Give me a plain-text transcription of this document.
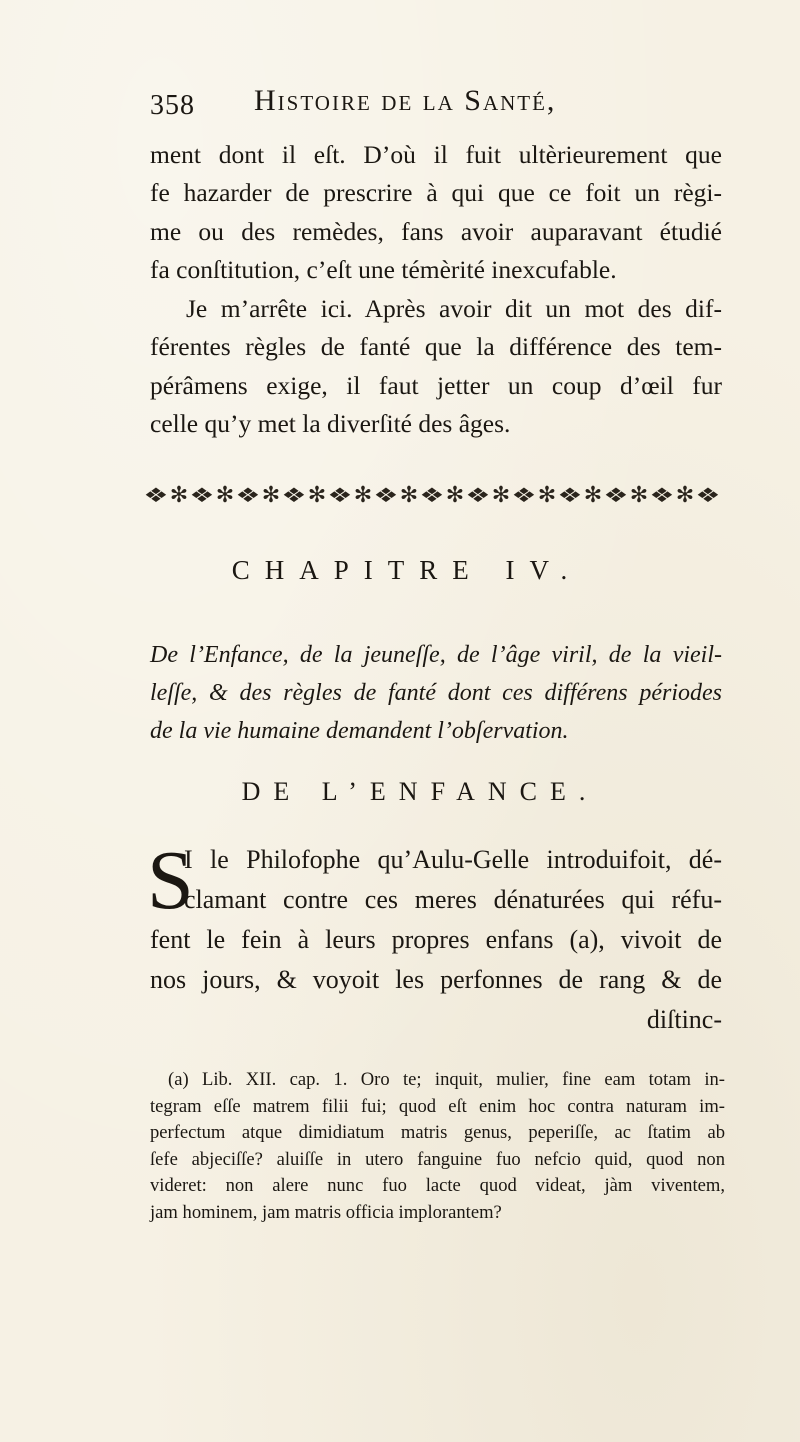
358 Histoire de la Santé,
ment dont il eſt. D’où il fuit ultèrieurement que
fe hazarder de prescrire à qui que ce foit un règi-
me ou des remèdes, fans avoir auparavant étudié
fa conſtitution, c’eſt une témèrité inexcufable.
Je m’arrête ici. Après avoir dit un mot des dif-
férentes règles de fanté que la différence des tem-
pérâmens exige, il faut jetter un coup d’œil fur
celle qu’y met la diverſité des âges.
❖ ✻ ❖ ✻ ❖ ✻ ❖ ✻ ❖ ✻ ❖ ✻ ❖ ✻ ❖ ✻ ❖ ✻ ❖ ✻ ❖ ✻ ❖ ✻ ❖
CHAPITRE IV.
De l’Enfance, de la jeuneſſe, de l’âge viril, de la vieil-
leſſe, & des règles de fanté dont ces différens périodes
de la vie humaine demandent l’obſervation.
DE L’ENFANCE.
S
I le Philofophe qu’Aulu-Gelle introduifoit, dé-
clamant contre ces meres dénaturées qui réfu-
fent le fein à leurs propres enfans (a), vivoit de
nos jours, & voyoit les perfonnes de rang & de
diſtinc-
(a) Lib. XII. cap. 1. Oro te; inquit, mulier, fine eam totam in-
tegram eſſe matrem filii fui; quod eſt enim hoc contra naturam im-
perfectum atque dimidiatum matris genus, peperiſſe, ac ſtatim ab
ſefe abjeciſſe? aluiſſe in utero fanguine fuo nefcio quid, quod non
videret: non alere nunc fuo lacte quod videat, jàm viventem,
jam hominem, jam matris officia implorantem?
